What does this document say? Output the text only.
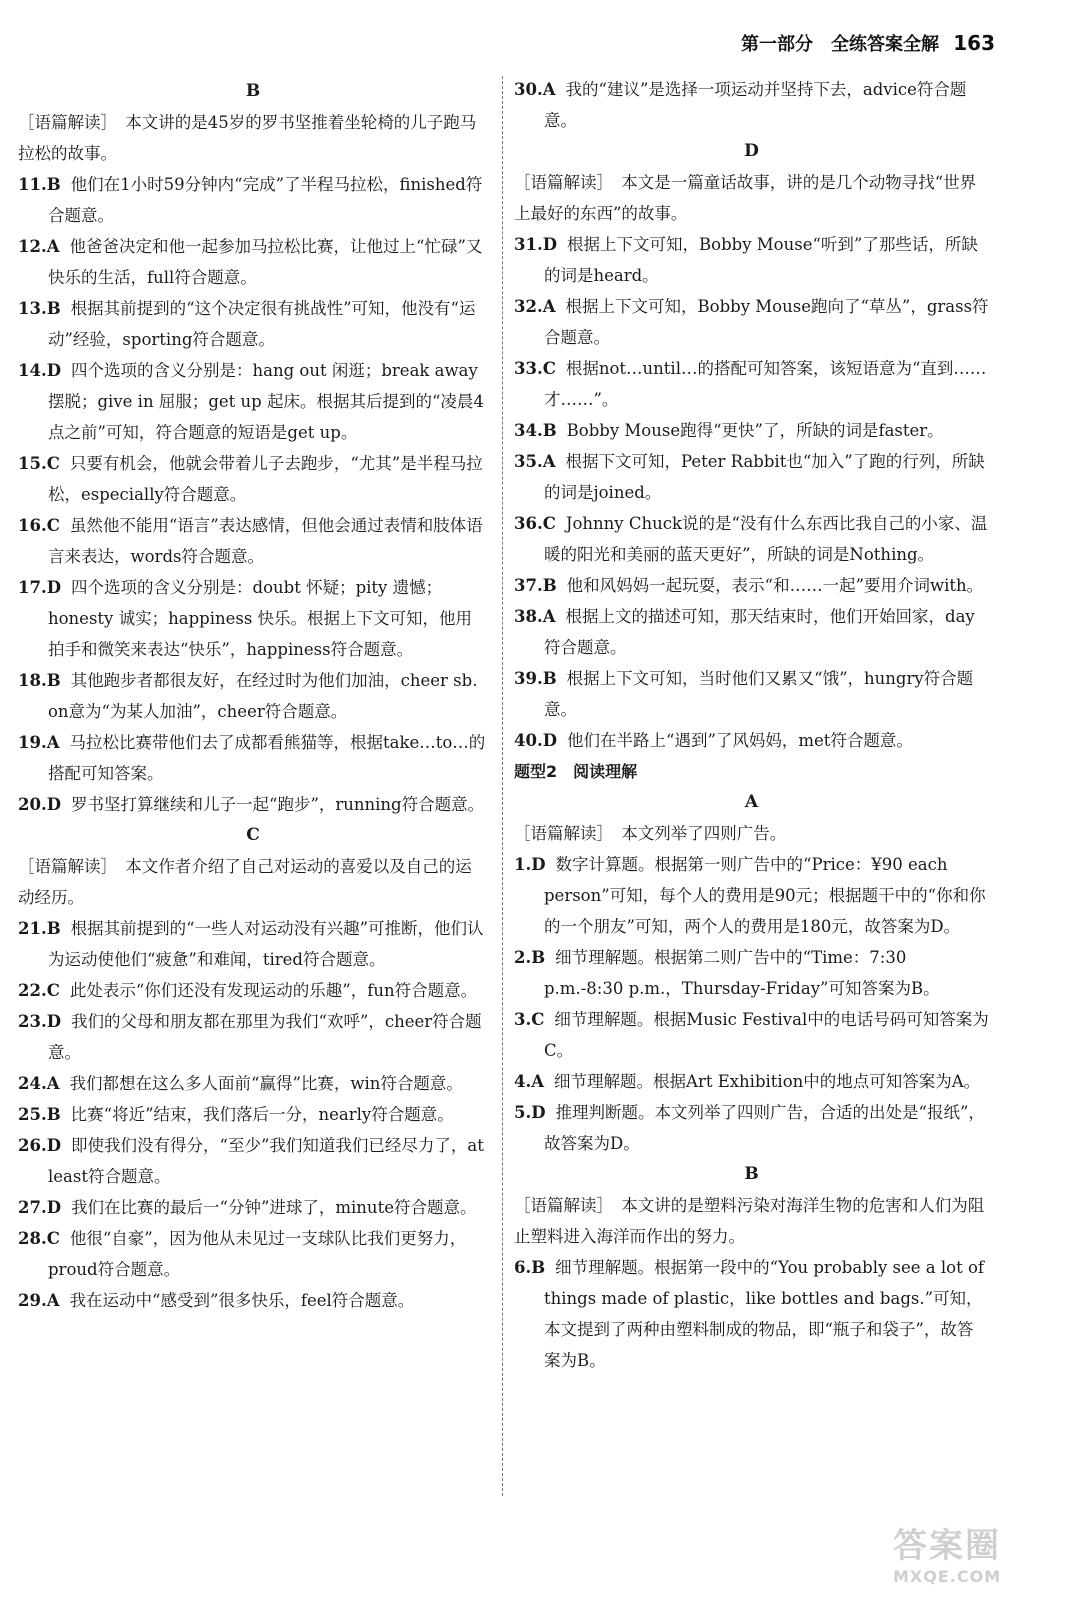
第一部分　全练答案全解 163

B

［语篇解读］　本文讲的是45岁的罗书坚推着坐轮椅的儿子跑马拉松的故事。

11.B 他们在1小时59分钟内“完成”了半程马拉松，finished符合题意。

12.A 他爸爸决定和他一起参加马拉松比赛，让他过上“忙碌”又快乐的生活，full符合题意。

13.B 根据其前提到的“这个决定很有挑战性”可知，他没有“运动”经验，sporting符合题意。

14.D 四个选项的含义分别是：hang out 闲逛；break away 摆脱；give in 屈服；get up 起床。根据其后提到的“凌晨4点之前”可知，符合题意的短语是get up。

15.C 只要有机会，他就会带着儿子去跑步，“尤其”是半程马拉松，especially符合题意。

16.C 虽然他不能用“语言”表达感情，但他会通过表情和肢体语言来表达，words符合题意。

17.D 四个选项的含义分别是：doubt 怀疑；pity 遗憾；honesty 诚实；happiness 快乐。根据上下文可知，他用拍手和微笑来表达“快乐”，happiness符合题意。

18.B 其他跑步者都很友好，在经过时为他们加油，cheer sb. on意为“为某人加油”，cheer符合题意。

19.A 马拉松比赛带他们去了成都看熊猫等，根据take…to…的搭配可知答案。

20.D 罗书坚打算继续和儿子一起“跑步”，running符合题意。

C

［语篇解读］　本文作者介绍了自己对运动的喜爱以及自己的运动经历。

21.B 根据其前提到的“一些人对运动没有兴趣”可推断，他们认为运动使他们“疲惫”和难闻，tired符合题意。

22.C 此处表示“你们还没有发现运动的乐趣”，fun符合题意。

23.D 我们的父母和朋友都在那里为我们“欢呼”，cheer符合题意。

24.A 我们都想在这么多人面前“赢得”比赛，win符合题意。

25.B 比赛“将近”结束，我们落后一分，nearly符合题意。

26.D 即使我们没有得分，“至少”我们知道我们已经尽力了，at least符合题意。

27.D 我们在比赛的最后一“分钟”进球了，minute符合题意。

28.C 他很“自豪”，因为他从未见过一支球队比我们更努力，proud符合题意。

29.A 我在运动中“感受到”很多快乐，feel符合题意。

30.A 我的“建议”是选择一项运动并坚持下去，advice符合题意。

D

［语篇解读］　本文是一篇童话故事，讲的是几个动物寻找“世界上最好的东西”的故事。

31.D 根据上下文可知，Bobby Mouse“听到”了那些话，所缺的词是heard。

32.A 根据上下文可知，Bobby Mouse跑向了“草丛”，grass符合题意。

33.C 根据not…until…的搭配可知答案，该短语意为“直到……才……”。

34.B Bobby Mouse跑得“更快”了，所缺的词是faster。

35.A 根据下文可知，Peter Rabbit也“加入”了跑的行列，所缺的词是joined。

36.C Johnny Chuck说的是“没有什么东西比我自己的小家、温暖的阳光和美丽的蓝天更好”，所缺的词是Nothing。

37.B 他和风妈妈一起玩耍，表示“和……一起”要用介词with。

38.A 根据上文的描述可知，那天结束时，他们开始回家，day符合题意。

39.B 根据上下文可知，当时他们又累又“饿”，hungry符合题意。

40.D 他们在半路上“遇到”了风妈妈，met符合题意。

题型2　阅读理解

A

［语篇解读］　本文列举了四则广告。

1.D 数字计算题。根据第一则广告中的“Price：¥90 each person”可知，每个人的费用是90元；根据题干中的“你和你的一个朋友”可知，两个人的费用是180元，故答案为D。

2.B 细节理解题。根据第二则广告中的“Time：7:30 p.m.-8:30 p.m.，Thursday-Friday”可知答案为B。

3.C 细节理解题。根据Music Festival中的电话号码可知答案为C。

4.A 细节理解题。根据Art Exhibition中的地点可知答案为A。

5.D 推理判断题。本文列举了四则广告，合适的出处是“报纸”，故答案为D。

B

［语篇解读］　本文讲的是塑料污染对海洋生物的危害和人们为阻止塑料进入海洋而作出的努力。

6.B 细节理解题。根据第一段中的“You probably see a lot of things made of plastic，like bottles and bags.”可知，本文提到了两种由塑料制成的物品，即“瓶子和袋子”，故答案为B。

答案圈
MXQE.COM
